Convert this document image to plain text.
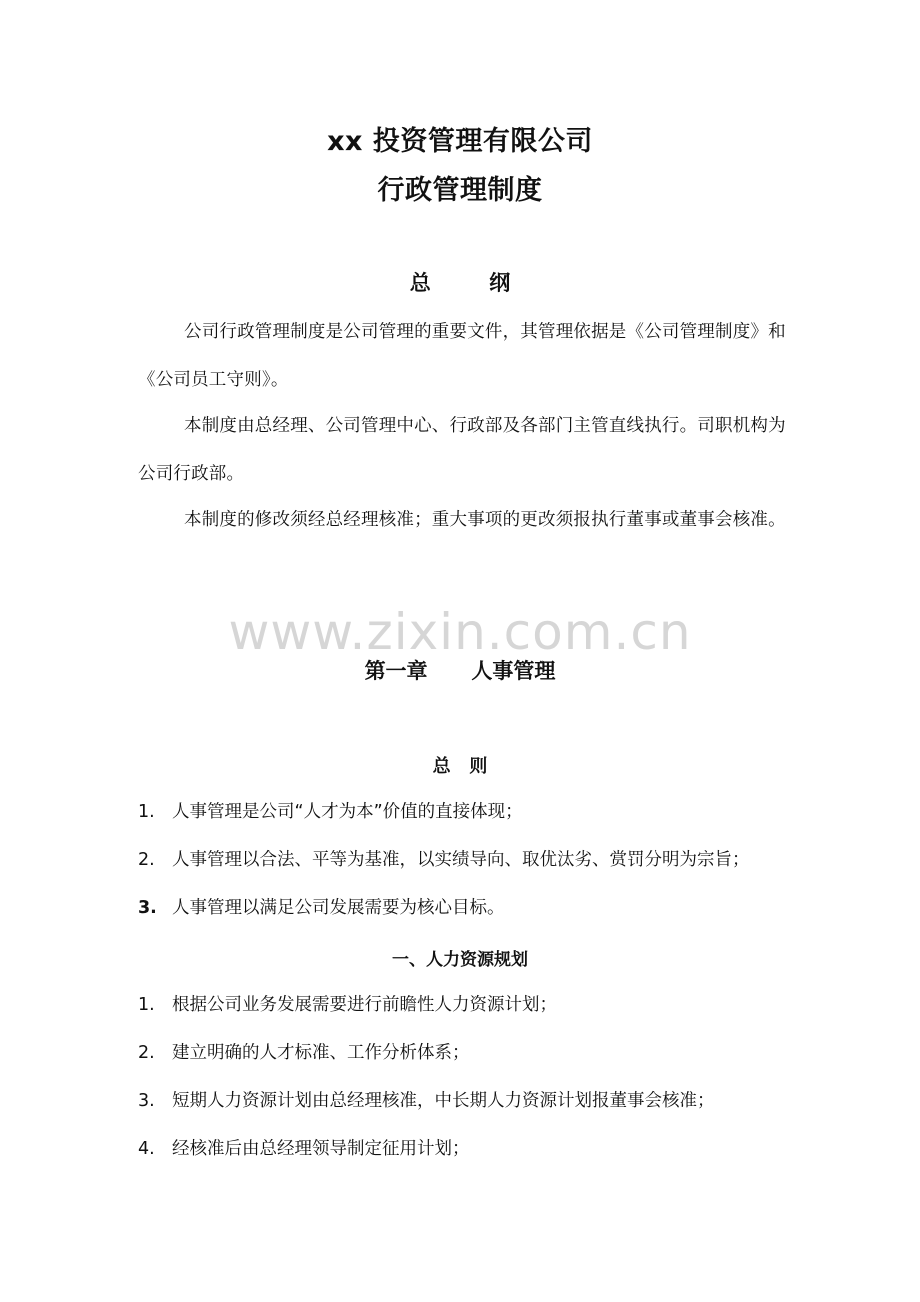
xx 投资管理有限公司
行政管理制度
总        纲
公司行政管理制度是公司管理的重要文件，其管理依据是《公司管理制度》和《公司员工守则》。
本制度由总经理、公司管理中心、行政部及各部门主管直线执行。司职机构为公司行政部。
本制度的修改须经总经理核准；重大事项的更改须报执行董事或董事会核准。
www.zixin.com.cn
第一章      人事管理
总   则
1. 人事管理是公司“人才为本”价值的直接体现；
2. 人事管理以合法、平等为基准，以实绩导向、取优汰劣、赏罚分明为宗旨；
3. 人事管理以满足公司发展需要为核心目标。
一、人力资源规划
1. 根据公司业务发展需要进行前瞻性人力资源计划；
2. 建立明确的人才标准、工作分析体系；
3. 短期人力资源计划由总经理核准，中长期人力资源计划报董事会核准；
4. 经核准后由总经理领导制定征用计划；
